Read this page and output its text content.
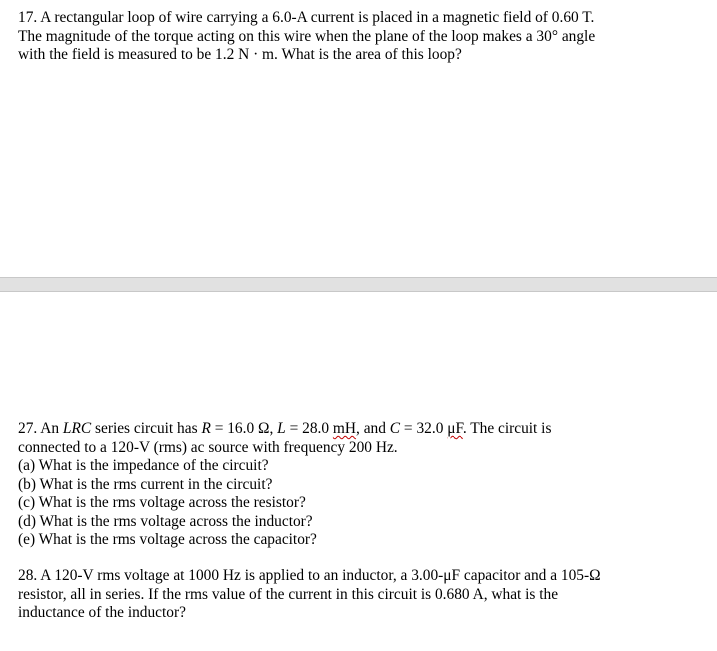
17. A rectangular loop of wire carrying a 6.0-A current is placed in a magnetic field of 0.60 T.
The magnitude of the torque acting on this wire when the plane of the loop makes a 30° angle
with the field is measured to be 1.2 N · m. What is the area of this loop?
27. An LRC series circuit has R = 16.0 Ω, L = 28.0 mH, and C = 32.0 μF. The circuit is
connected to a 120-V (rms) ac source with frequency 200 Hz.
(a) What is the impedance of the circuit?
(b) What is the rms current in the circuit?
(c) What is the rms voltage across the resistor?
(d) What is the rms voltage across the inductor?
(e) What is the rms voltage across the capacitor?
28. A 120-V rms voltage at 1000 Hz is applied to an inductor, a 3.00-μF capacitor and a 105-Ω
resistor, all in series. If the rms value of the current in this circuit is 0.680 A, what is the
inductance of the inductor?
